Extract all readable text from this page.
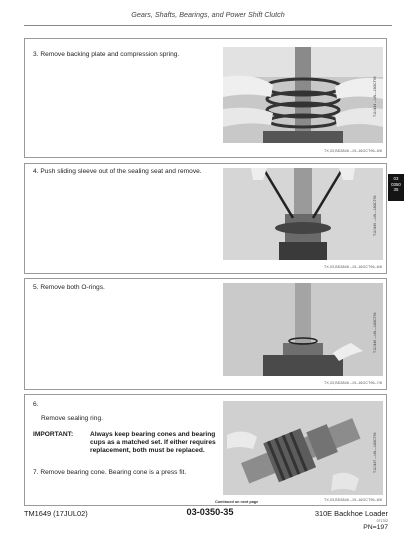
Gears, Shafts, Bearings, and Power Shift Clutch
3. Remove backing plate and compression spring.
T110444 —UN—18OCT96
TX,03,BD3848 –19–16OCT96–5/8
4. Push sliding sleeve out of the sealing seat and remove.
T110445 —UN—18OCT96
TX,03,BD3848 –19–16OCT96–6/8
5. Remove both O-rings.
T110446 —UN—18OCT96
TX,03,BD3848 –19–16OCT96–7/8
6.
Remove sealing ring.
IMPORTANT:	Always keep bearing cones and bearing cups as a matched set. If either requires replacement, both must be replaced.
7. Remove bearing cone. Bearing cone is a press fit.	T110447 —UN—18OCT96
TX,03,BD3848 –19–16OCT96–8/8
03
0350
35
Continued on next page
TM1649 (17JUL02)	03-0350-35	310E Backhoe Loader
071702
PN=197
